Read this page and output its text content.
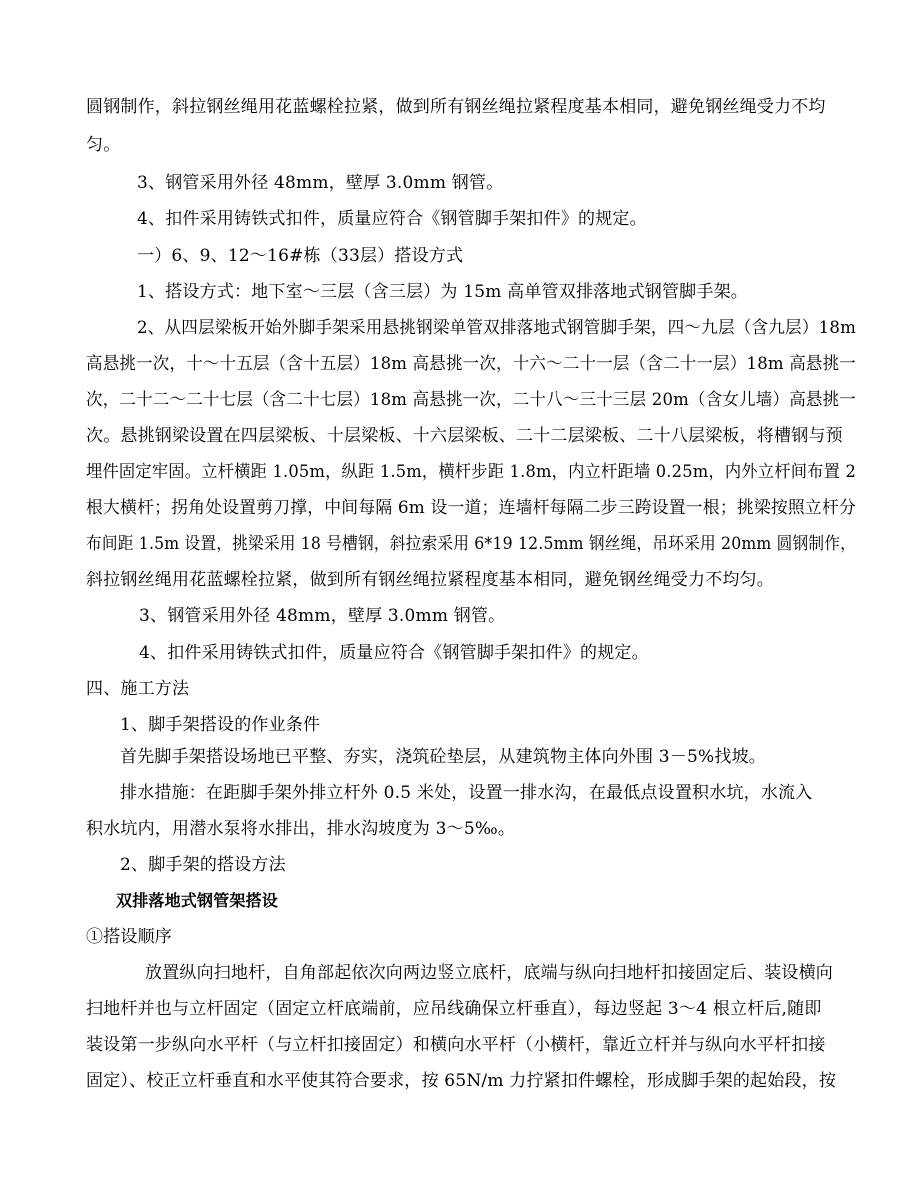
圆钢制作，斜拉钢丝绳用花蓝螺栓拉紧，做到所有钢丝绳拉紧程度基本相同，避免钢丝绳受力不均
匀。
3、钢管采用外径 48mm，壁厚 3.0mm 钢管。
4、扣件采用铸铁式扣件，质量应符合《钢管脚手架扣件》的规定。
一）6、9、12～16#栋（33层）搭设方式
1、搭设方式：地下室～三层（含三层）为 15m 高单管双排落地式钢管脚手架。
2、从四层梁板开始外脚手架采用悬挑钢梁单管双排落地式钢管脚手架，四～九层（含九层）18m
高悬挑一次，十～十五层（含十五层）18m 高悬挑一次，十六～二十一层（含二十一层）18m 高悬挑一
次，二十二～二十七层（含二十七层）18m 高悬挑一次，二十八～三十三层 20m（含女儿墙）高悬挑一
次。悬挑钢梁设置在四层梁板、十层梁板、十六层梁板、二十二层梁板、二十八层梁板，将槽钢与预
埋件固定牢固。立杆横距 1.05m，纵距 1.5m，横杆步距 1.8m，内立杆距墙 0.25m，内外立杆间布置 2
根大横杆；拐角处设置剪刀撑，中间每隔 6m 设一道；连墙杆每隔二步三跨设置一根；挑梁按照立杆分
布间距 1.5m 设置，挑梁采用 18 号槽钢，斜拉索采用 6*19 12.5mm 钢丝绳，吊环采用 20mm 圆钢制作，
斜拉钢丝绳用花蓝螺栓拉紧，做到所有钢丝绳拉紧程度基本相同，避免钢丝绳受力不均匀。
3、钢管采用外径 48mm，壁厚 3.0mm 钢管。
4、扣件采用铸铁式扣件，质量应符合《钢管脚手架扣件》的规定。
四、施工方法
1、脚手架搭设的作业条件
首先脚手架搭设场地已平整、夯实，浇筑砼垫层，从建筑物主体向外围 3－5%找坡。
排水措施：在距脚手架外排立杆外 0.5 米处，设置一排水沟，在最低点设置积水坑，水流入
积水坑内，用潜水泵将水排出，排水沟坡度为 3～5‰。
2、脚手架的搭设方法
双排落地式钢管架搭设
①搭设顺序
放置纵向扫地杆，自角部起依次向两边竖立底杆，底端与纵向扫地杆扣接固定后、装设横向
扫地杆并也与立杆固定（固定立杆底端前，应吊线确保立杆垂直），每边竖起 3～4 根立杆后,随即
装设第一步纵向水平杆（与立杆扣接固定）和横向水平杆（小横杆，靠近立杆并与纵向水平杆扣接
固定）、校正立杆垂直和水平使其符合要求，按 65N/m 力拧紧扣件螺栓，形成脚手架的起始段，按
